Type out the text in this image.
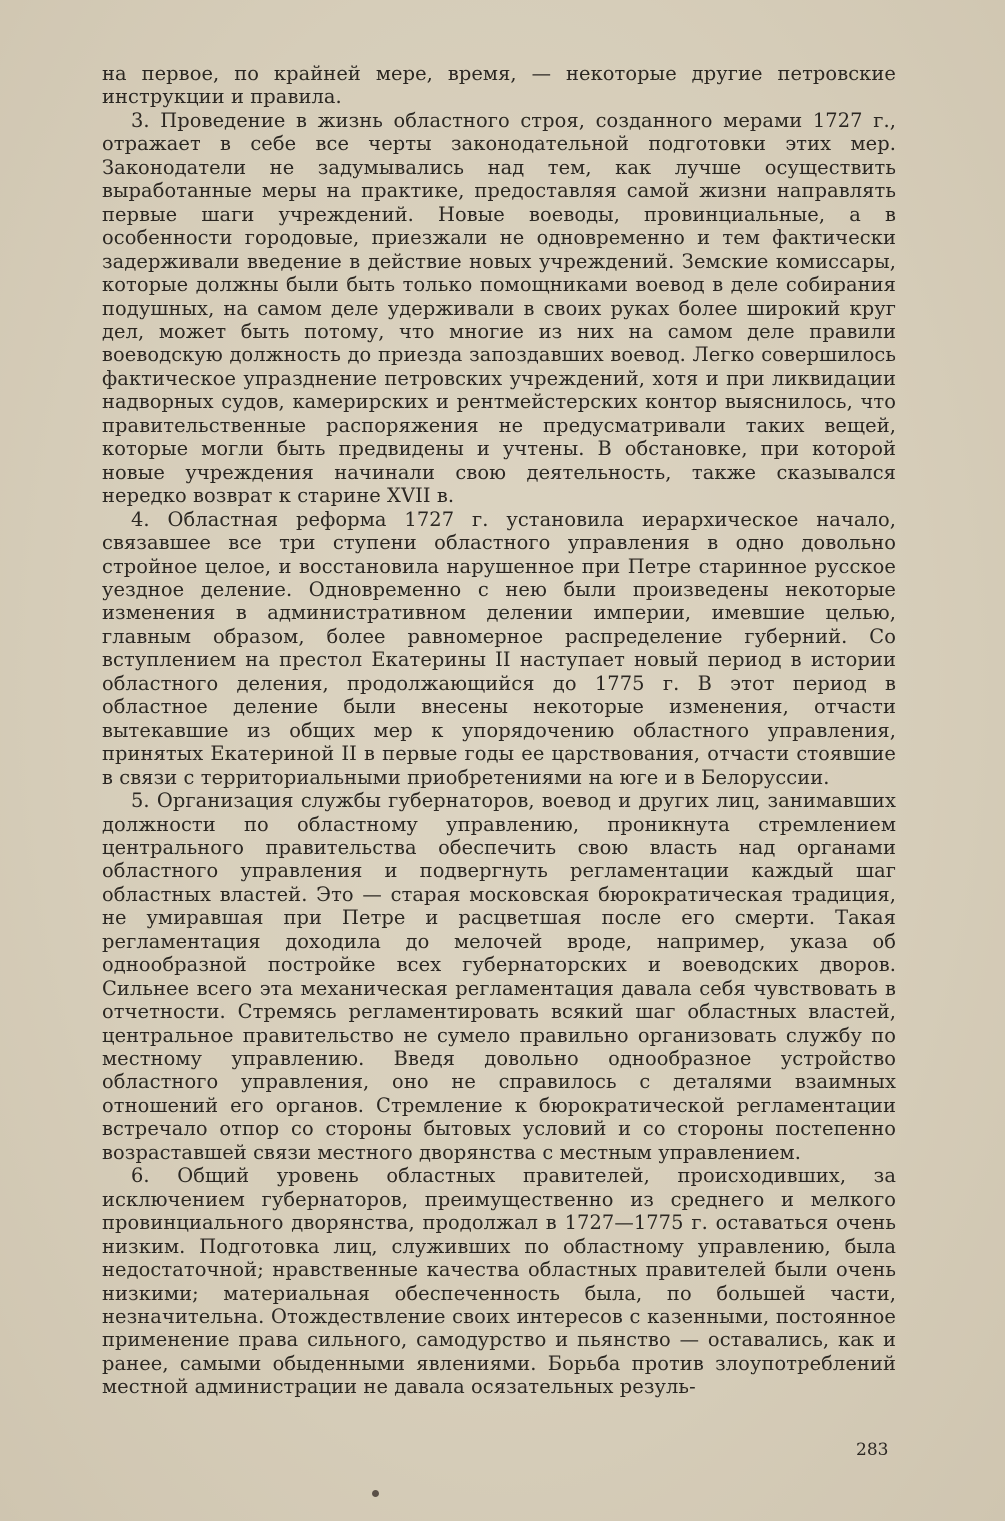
на первое, по крайней мере, время, — некоторые другие петровские инструкции и правила.

3. Проведение в жизнь областного строя, созданного мерами 1727 г., отражает в себе все черты законодательной подготовки этих мер. Законодатели не задумывались над тем, как лучше осуществить выработанные меры на практике, предоставляя самой жизни направлять первые шаги учреждений. Новые воеводы, провинциальные, а в особенности городовые, приезжали не одновременно и тем фактически задерживали введение в действие новых учреждений. Земские комиссары, которые должны были быть только помощниками воевод в деле собирания подушных, на самом деле удерживали в своих руках более широкий круг дел, может быть потому, что многие из них на самом деле правили воеводскую должность до приезда запоздавших воевод. Легко совершилось фактическое упразднение петровских учреждений, хотя и при ликвидации надворных судов, камерирских и рентмейстерских контор выяснилось, что правительственные распоряжения не предусматривали таких вещей, которые могли быть предвидены и учтены. В обстановке, при которой новые учреждения начинали свою деятельность, также сказывался нередко возврат к старине XVII в.

4. Областная реформа 1727 г. установила иерархическое начало, связавшее все три ступени областного управления в одно довольно стройное целое, и восстановила нарушенное при Петре старинное русское уездное деление. Одновременно с нею были произведены некоторые изменения в административном делении империи, имевшие целью, главным образом, более равномерное распределение губерний. Со вступлением на престол Екатерины II наступает новый период в истории областного деления, продолжающийся до 1775 г. В этот период в областное деление были внесены некоторые изменения, отчасти вытекавшие из общих мер к упорядочению областного управления, принятых Екатериной II в первые годы ее царствования, отчасти стоявшие в связи с территориальными приобретениями на юге и в Белоруссии.

5. Организация службы губернаторов, воевод и других лиц, занимавших должности по областному управлению, проникнута стремлением центрального правительства обеспечить свою власть над органами областного управления и подвергнуть регламентации каждый шаг областных властей. Это — старая московская бюрократическая традиция, не умиравшая при Петре и расцветшая после его смерти. Такая регламентация доходила до мелочей вроде, например, указа об однообразной постройке всех губернаторских и воеводских дворов. Сильнее всего эта механическая регламентация давала себя чувствовать в отчетности. Стремясь регламентировать всякий шаг областных властей, центральное правительство не сумело правильно организовать службу по местному управлению. Введя довольно однообразное устройство областного управления, оно не справилось с деталями взаимных отношений его органов. Стремление к бюрократической регламентации встречало отпор со стороны бытовых условий и со стороны постепенно возраставшей связи местного дворянства с местным управлением.

6. Общий уровень областных правителей, происходивших, за исключением губернаторов, преимущественно из среднего и мелкого провинциального дворянства, продолжал в 1727—1775 г. оставаться очень низким. Подготовка лиц, служивших по областному управлению, была недостаточной; нравственные качества областных правителей были очень низкими; материальная обеспеченность была, по большей части, незначительна. Отождествление своих интересов с казенными, постоянное применение права сильного, самодурство и пьянство — оставались, как и ранее, самыми обыденными явлениями. Борьба против злоупотреблений местной администрации не давала осязательных резуль-

283
